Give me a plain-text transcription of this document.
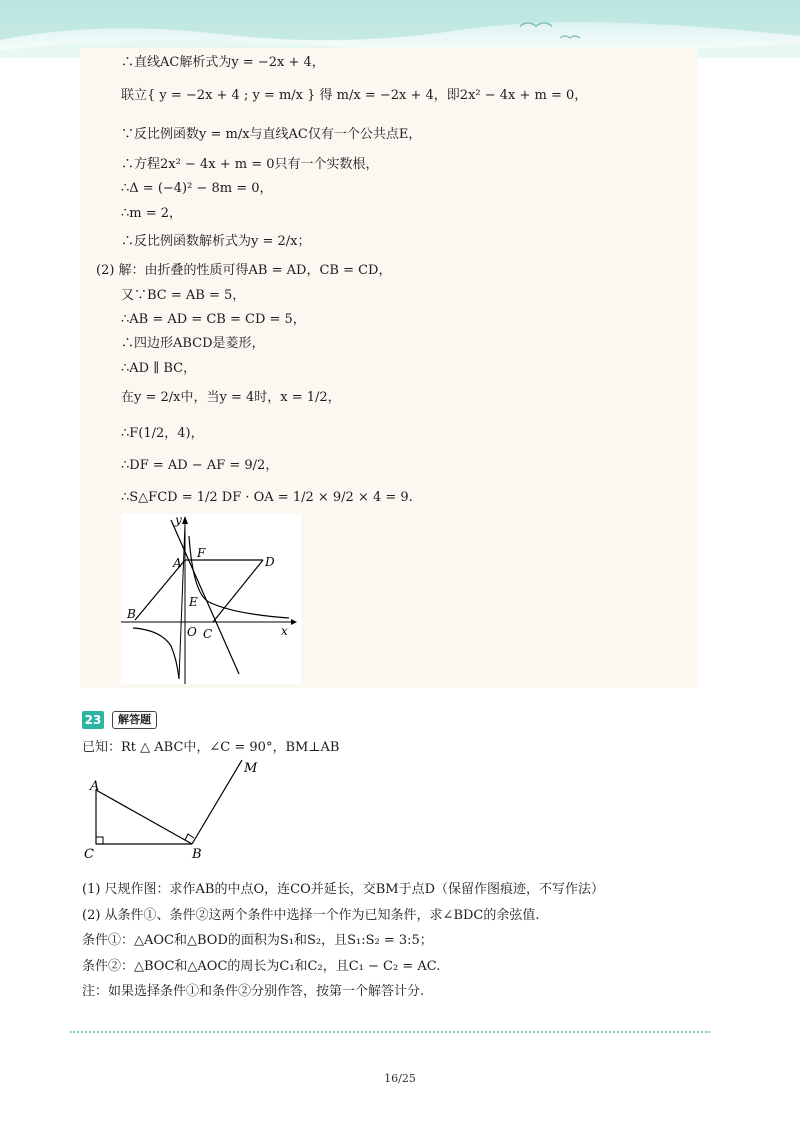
∴直线AC解析式为y = −2x + 4，
联立{ y = −2x + 4 ; y = m/x } 得 m/x = −2x + 4，即2x² − 4x + m = 0，
∵反比例函数y = m/x与直线AC仅有一个公共点E，
∴方程2x² − 4x + m = 0只有一个实数根，
∴Δ = (−4)² − 8m = 0，
∴m = 2，
∴反比例函数解析式为y = 2/x；
(2) 解：由折叠的性质可得AB = AD，CB = CD，
又∵BC = AB = 5，
∴AB = AD = CB = CD = 5，
∴四边形ABCD是菱形，
∴AD ∥ BC，
在y = 2/x中，当y = 4时，x = 1/2，
∴F(1/2，4)，
∴DF = AD − AF = 9/2，
∴S△FCD = 1/2 DF · OA = 1/2 × 9/2 × 4 = 9.
y
x
A
F
D
E
B
O C
23	解答题
已知：Rt △ ABC中，∠C = 90°，BM⊥AB
A
C	B
M
(1) 尺规作图：求作AB的中点O，连CO并延长，交BM于点D（保留作图痕迹，不写作法）
(2) 从条件①、条件②这两个条件中选择一个作为已知条件，求∠BDC的余弦值.
条件①：△AOC和△BOD的面积为S₁和S₂，且S₁:S₂ = 3:5；
条件②：△BOC和△AOC的周长为C₁和C₂，且C₁ − C₂ = AC.
注：如果选择条件①和条件②分别作答，按第一个解答计分.
16/25
